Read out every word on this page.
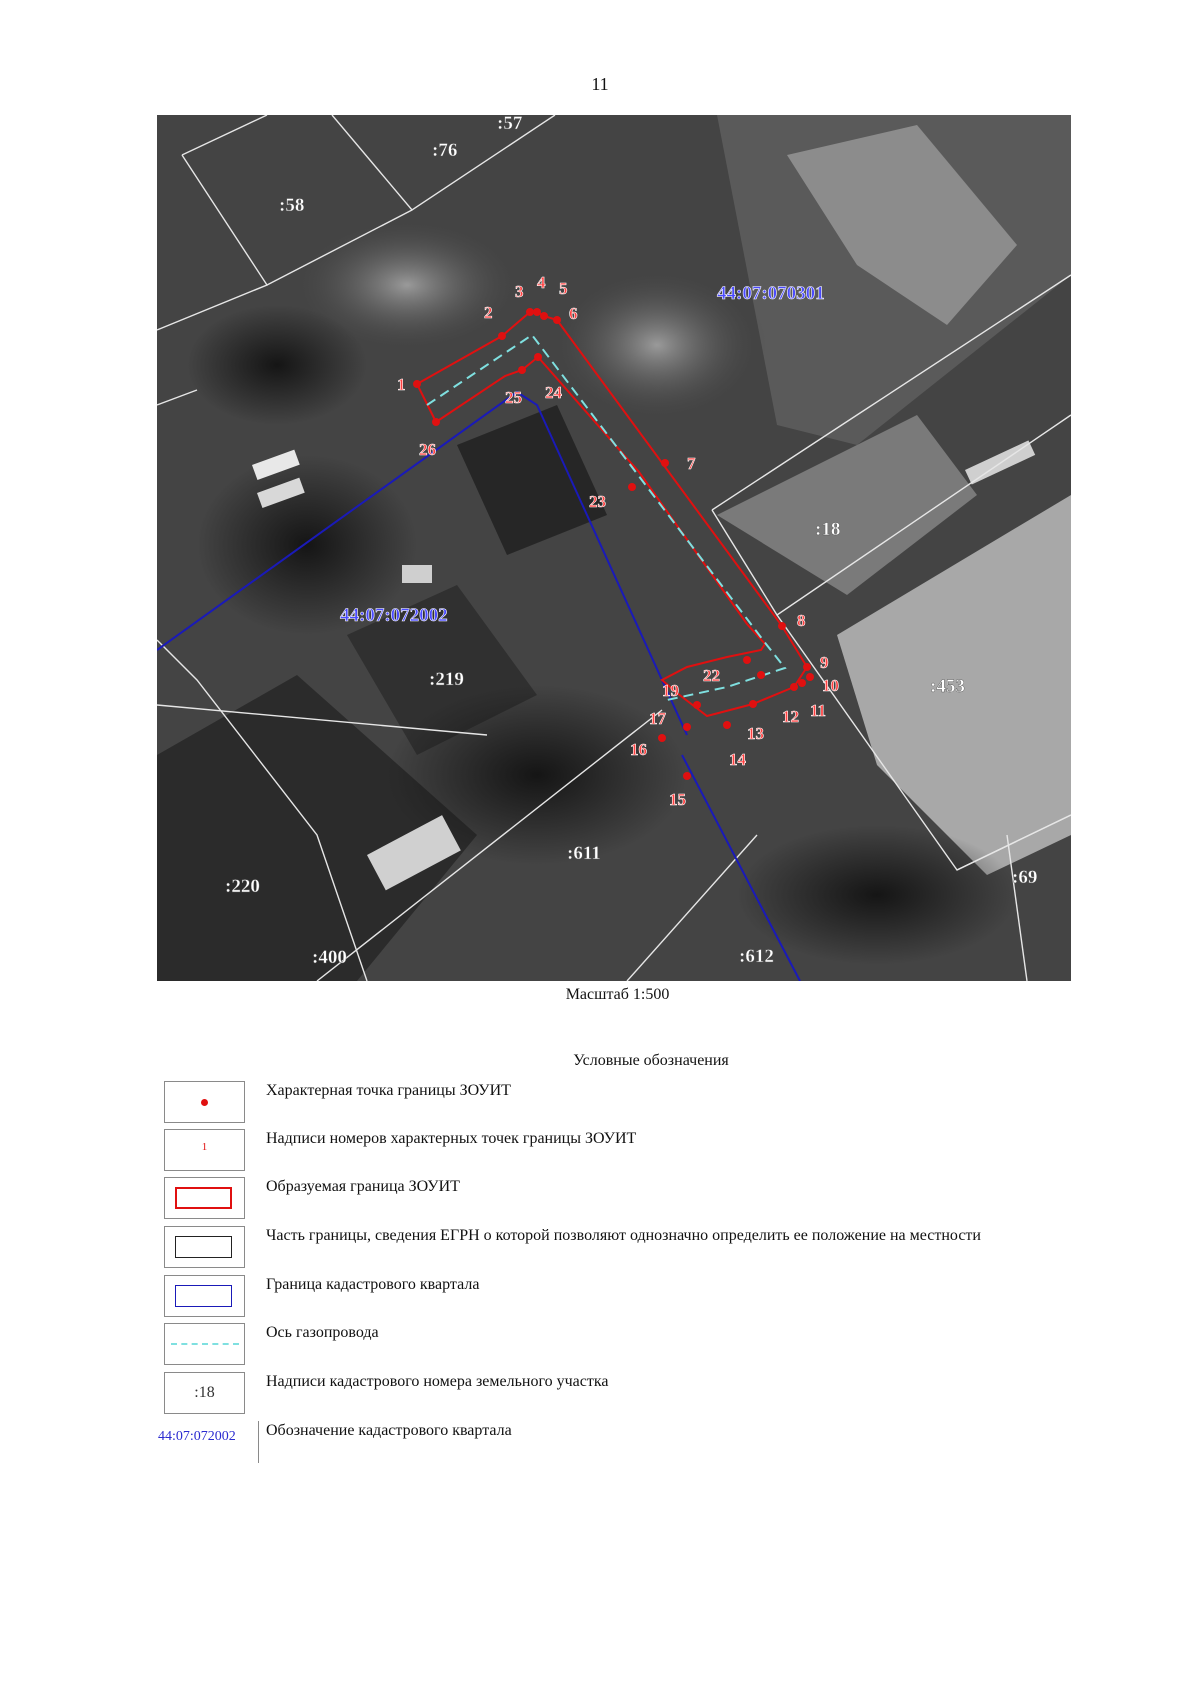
11
1
2
3 4 5
6
7
8
9
10
11
12
13
14
15
16
17
19
22
23
24
25
26
:76
:57
:58
:18
:219	:453
:611
:220	:69
:400	:612
44:07:070301
44:07:072002
Масштаб 1:500
Условные обозначения
Характерная точка границы ЗОУИТ
1	Надписи номеров характерных точек границы ЗОУИТ
Образуемая граница ЗОУИТ
Часть границы, сведения ЕГРН о которой позволяют однозначно определить ее положение на местности
Граница кадастрового квартала
Ось газопровода
:18
Надписи кадастрового номера земельного участка
44:07:072002 Обозначение кадастрового квартала
